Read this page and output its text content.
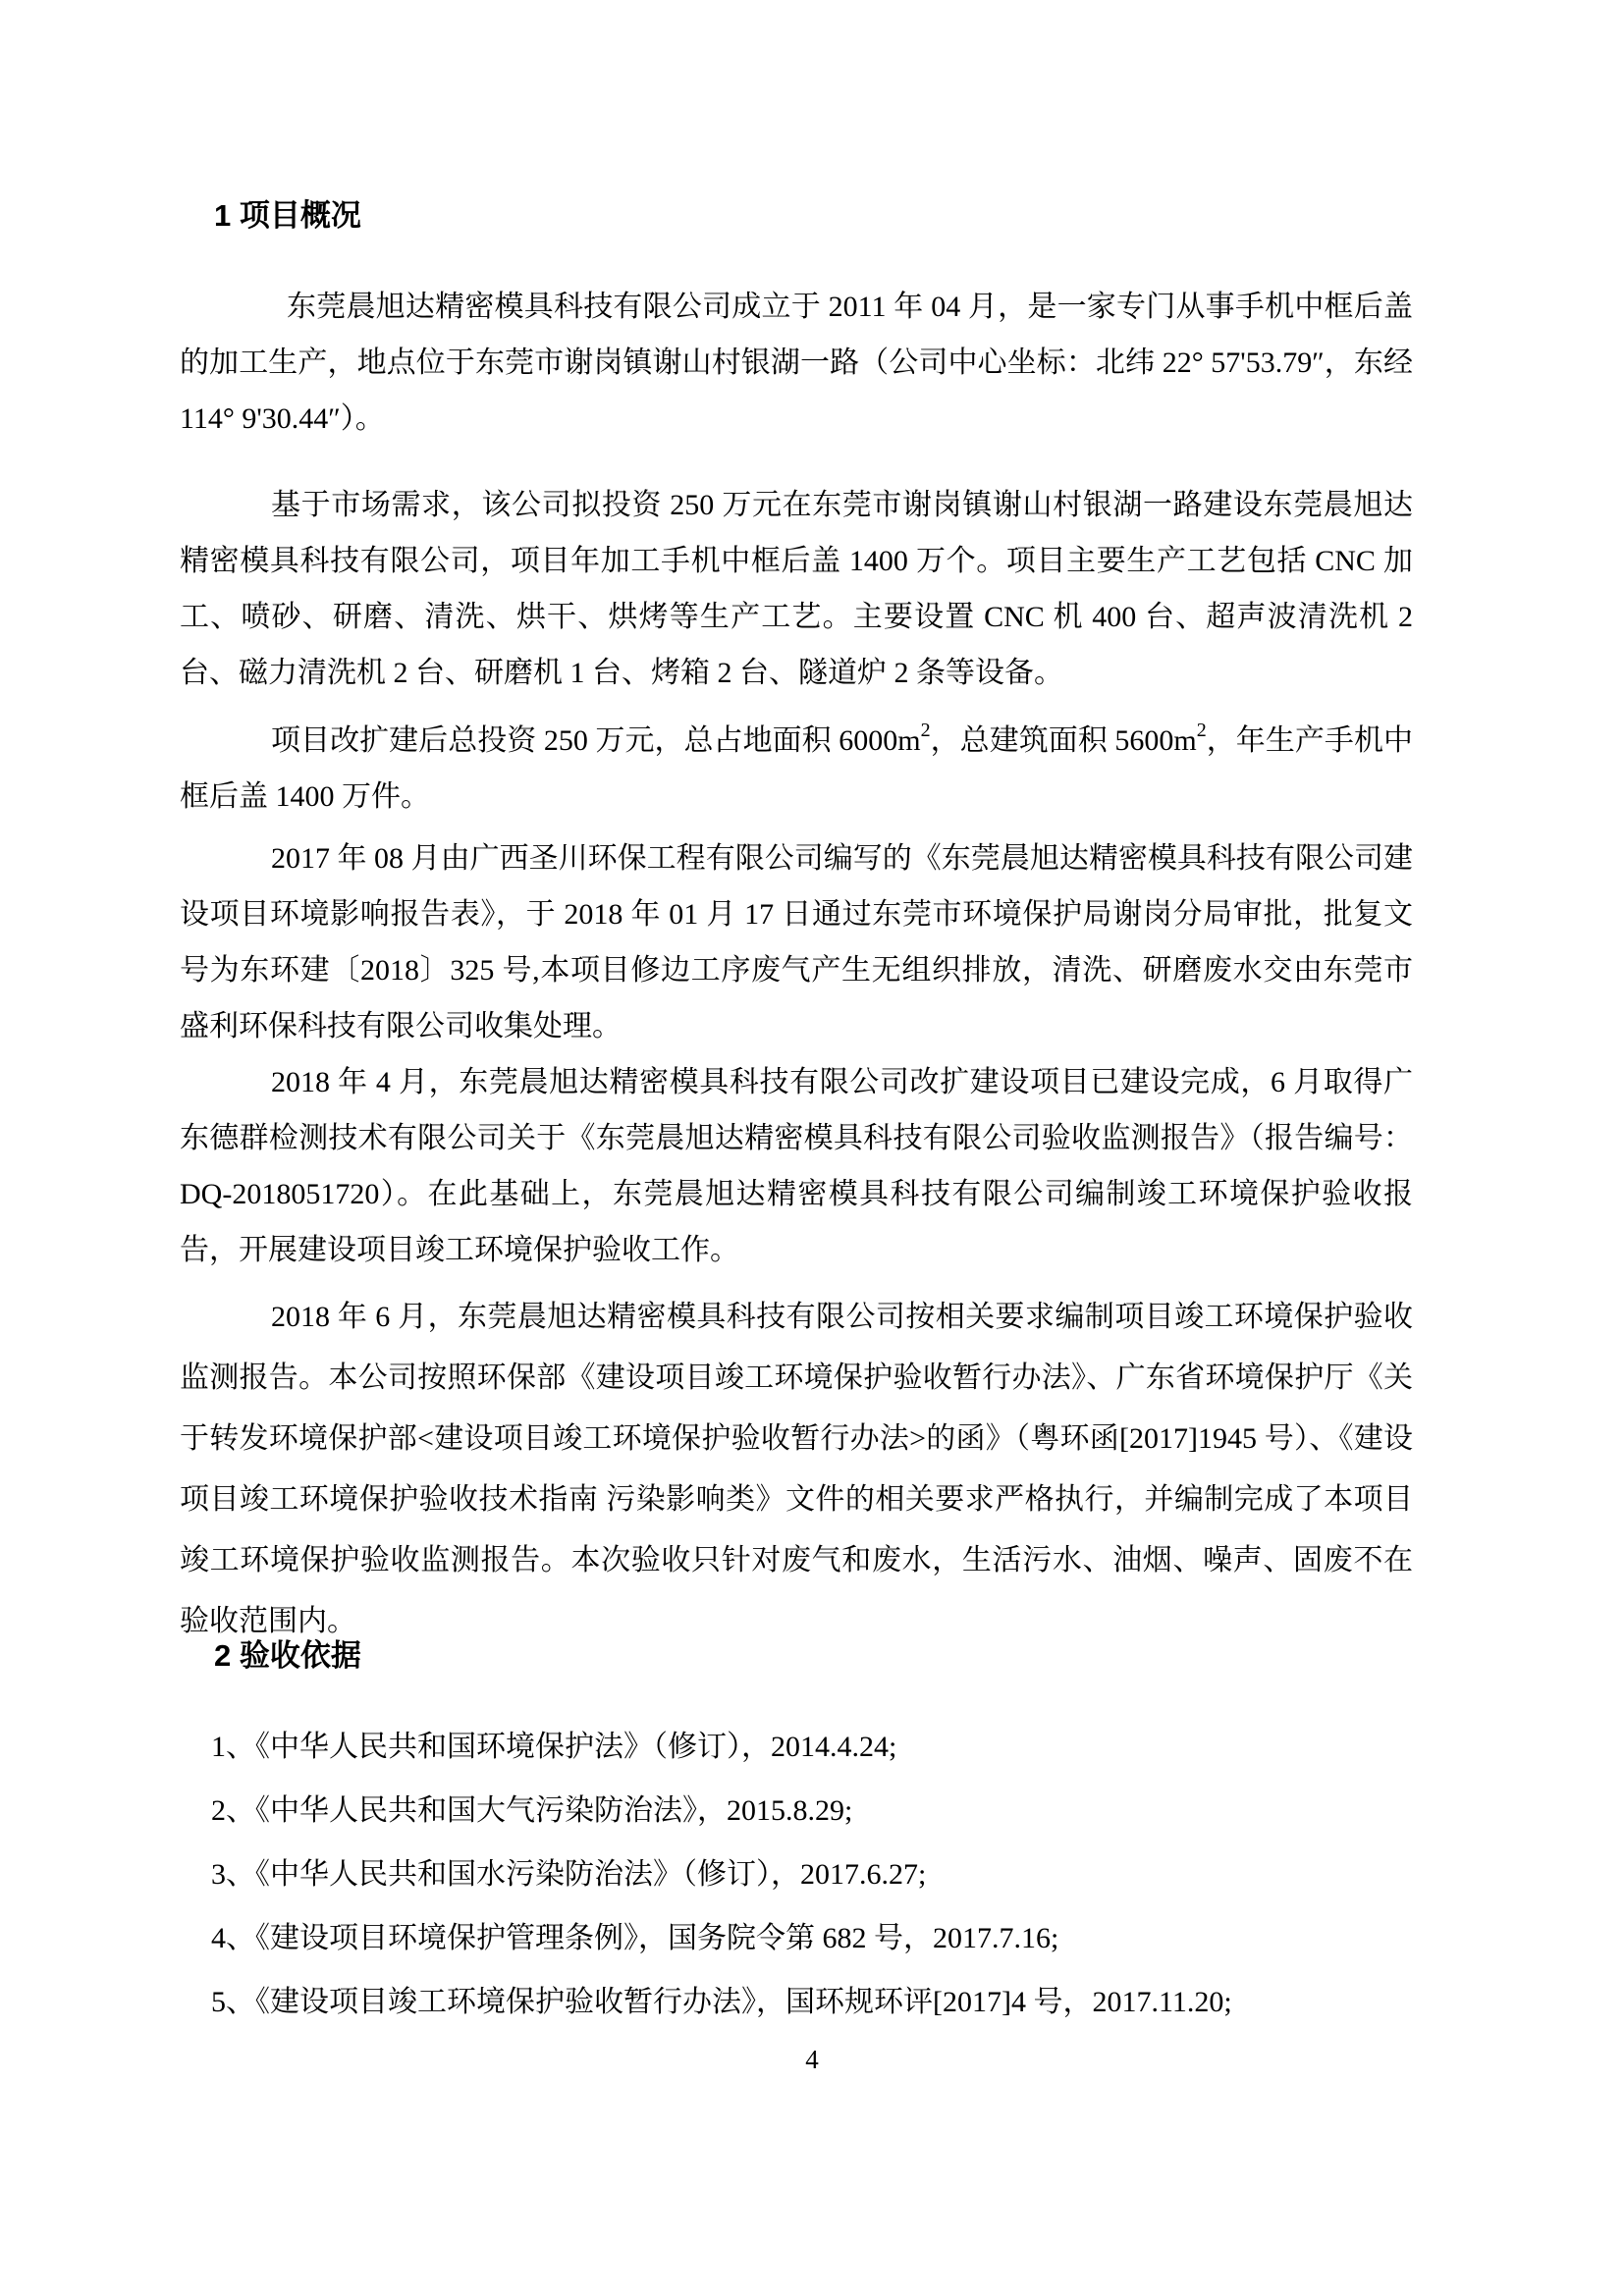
1 项目概况

东莞晨旭达精密模具科技有限公司成立于 2011 年 04 月，是一家专门从事手机中框后盖的加工生产，地点位于东莞市谢岗镇谢山村银湖一路（公司中心坐标：北纬 22° 57'53.79″，东经 114° 9'30.44″）。

基于市场需求，该公司拟投资 250 万元在东莞市谢岗镇谢山村银湖一路建设东莞晨旭达精密模具科技有限公司，项目年加工手机中框后盖 1400 万个。项目主要生产工艺包括 CNC 加工、喷砂、研磨、清洗、烘干、烘烤等生产工艺。主要设置 CNC 机 400 台、超声波清洗机 2 台、磁力清洗机 2 台、研磨机 1 台、烤箱 2 台、隧道炉 2 条等设备。

项目改扩建后总投资 250 万元，总占地面积 $6000m^2$，总建筑面积 $5600m^2$，年生产手机中框后盖 1400 万件。

2017 年 08 月由广西圣川环保工程有限公司编写的《东莞晨旭达精密模具科技有限公司建设项目环境影响报告表》，于 2018 年 01 月 17 日通过东莞市环境保护局谢岗分局审批，批复文号为东环建〔2018〕325 号,本项目修边工序废气产生无组织排放，清洗、研磨废水交由东莞市盛利环保科技有限公司收集处理。

2018 年 4 月，东莞晨旭达精密模具科技有限公司改扩建设项目已建设完成，6 月取得广东德群检测技术有限公司关于《东莞晨旭达精密模具科技有限公司验收监测报告》（报告编号：DQ-2018051720）。在此基础上，东莞晨旭达精密模具科技有限公司编制竣工环境保护验收报告，开展建设项目竣工环境保护验收工作。

2018 年 6 月，东莞晨旭达精密模具科技有限公司按相关要求编制项目竣工环境保护验收监测报告。本公司按照环保部《建设项目竣工环境保护验收暂行办法》、广东省环境保护厅《关于转发环境保护部<建设项目竣工环境保护验收暂行办法>的函》（粤环函[2017]1945 号）、《建设项目竣工环境保护验收技术指南 污染影响类》文件的相关要求严格执行，并编制完成了本项目竣工环境保护验收监测报告。本次验收只针对废气和废水，生活污水、油烟、噪声、固废不在验收范围内。

2 验收依据

1、《中华人民共和国环境保护法》（修订），2014.4.24;

2、《中华人民共和国大气污染防治法》，2015.8.29;

3、《中华人民共和国水污染防治法》（修订），2017.6.27;

4、《建设项目环境保护管理条例》，国务院令第 682 号，2017.7.16;

5、《建设项目竣工环境保护验收暂行办法》，国环规环评[2017]4 号，2017.11.20;

4
